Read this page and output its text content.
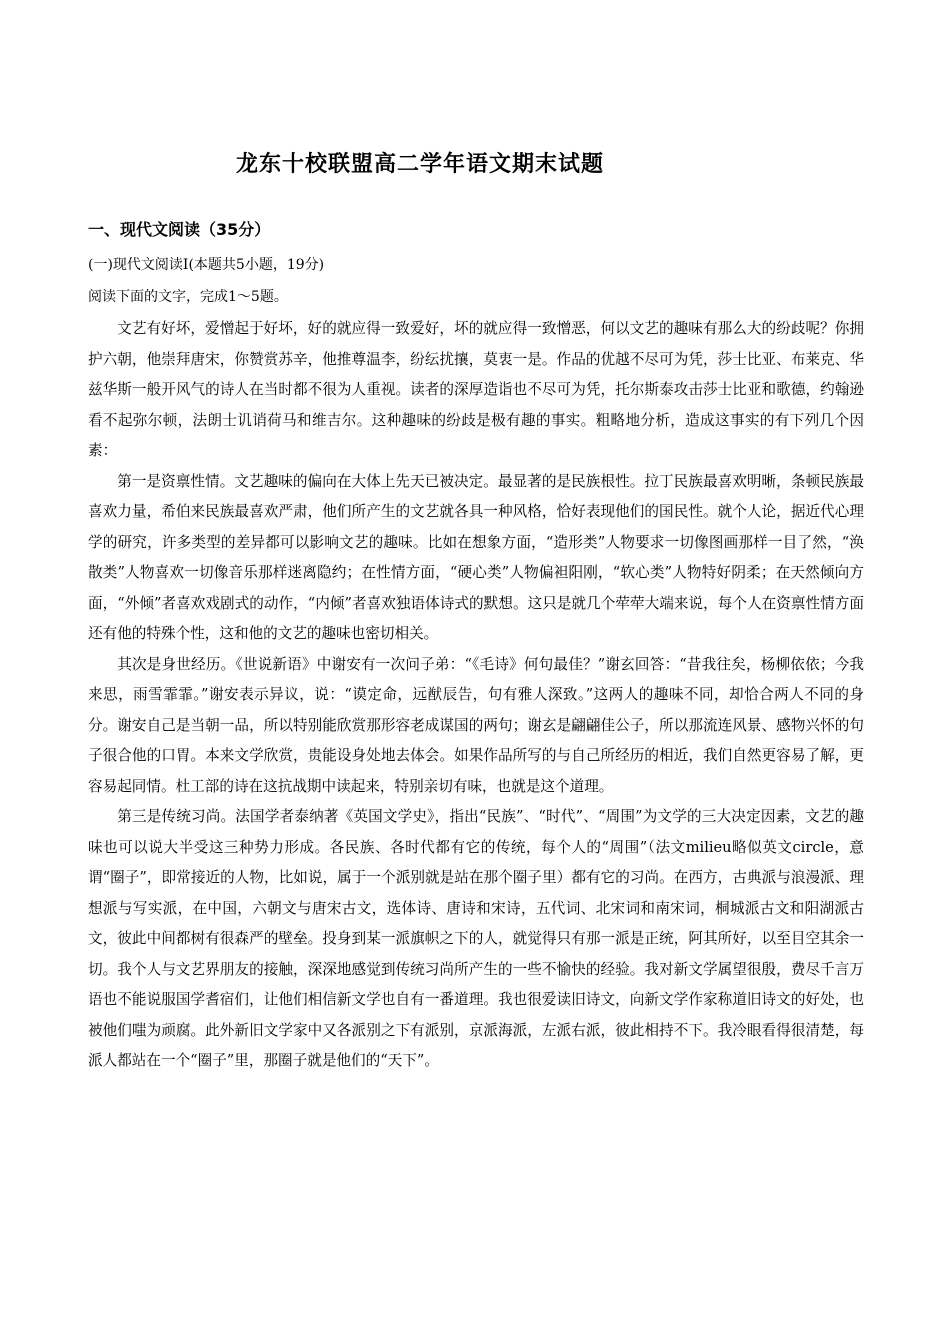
龙东十校联盟高二学年语文期末试题
一、现代文阅读（35分）
(一)现代文阅读Ⅰ(本题共5小题，19分)
阅读下面的文字，完成1～5题。

文艺有好坏，爱憎起于好坏，好的就应得一致爱好，坏的就应得一致憎恶，何以文艺的趣味有那么大的纷歧呢？你拥护六朝，他崇拜唐宋，你赞赏苏辛，他推尊温李，纷纭扰攘，莫衷一是。作品的优越不尽可为凭，莎士比亚、布莱克、华兹华斯一般开风气的诗人在当时都不很为人重视。读者的深厚造诣也不尽可为凭，托尔斯泰攻击莎士比亚和歌德，约翰逊看不起弥尔顿，法朗士讥诮荷马和维吉尔。这种趣味的纷歧是极有趣的事实。粗略地分析，造成这事实的有下列几个因素：

第一是资禀性情。文艺趣味的偏向在大体上先天已被决定。最显著的是民族根性。拉丁民族最喜欢明晰，条顿民族最喜欢力量，希伯来民族最喜欢严肃，他们所产生的文艺就各具一种风格，恰好表现他们的国民性。就个人论，据近代心理学的研究，许多类型的差异都可以影响文艺的趣味。比如在想象方面，“造形类”人物要求一切像图画那样一目了然，“涣散类”人物喜欢一切像音乐那样迷离隐约；在性情方面，“硬心类”人物偏袒阳刚，“软心类”人物特好阴柔；在天然倾向方面，“外倾”者喜欢戏剧式的动作，“内倾”者喜欢独语体诗式的默想。这只是就几个荦荦大端来说，每个人在资禀性情方面还有他的特殊个性，这和他的文艺的趣味也密切相关。

其次是身世经历。《世说新语》中谢安有一次问子弟：“《毛诗》何句最佳？”谢玄回答：“昔我往矣，杨柳依依；今我来思，雨雪霏霏。”谢安表示异议，说：“谟定命，远猷辰告，句有雅人深致。”这两人的趣味不同，却恰合两人不同的身分。谢安自己是当朝一品，所以特别能欣赏那形容老成谋国的两句；谢玄是翩翩佳公子，所以那流连风景、感物兴怀的句子很合他的口胃。本来文学欣赏，贵能设身处地去体会。如果作品所写的与自己所经历的相近，我们自然更容易了解，更容易起同情。杜工部的诗在这抗战期中读起来，特别亲切有味，也就是这个道理。

第三是传统习尚。法国学者泰纳著《英国文学史》，指出“民族”、“时代”、“周围”为文学的三大决定因素，文艺的趣味也可以说大半受这三种势力形成。各民族、各时代都有它的传统，每个人的“周围”（法文milieu略似英文circle，意谓“圈子”，即常接近的人物，比如说，属于一个派别就是站在那个圈子里）都有它的习尚。在西方，古典派与浪漫派、理想派与写实派，在中国，六朝文与唐宋古文，选体诗、唐诗和宋诗，五代词、北宋词和南宋词，桐城派古文和阳湖派古文，彼此中间都树有很森严的壁垒。投身到某一派旗帜之下的人，就觉得只有那一派是正统，阿其所好，以至目空其余一切。我个人与文艺界朋友的接触，深深地感觉到传统习尚所产生的一些不愉快的经验。我对新文学属望很殷，费尽千言万语也不能说服国学耆宿们，让他们相信新文学也自有一番道理。我也很爱读旧诗文，向新文学作家称道旧诗文的好处，也被他们嗤为顽腐。此外新旧文学家中又各派别之下有派别，京派海派，左派右派，彼此相持不下。我冷眼看得很清楚，每派人都站在一个“圈子”里，那圈子就是他们的“天下”。
